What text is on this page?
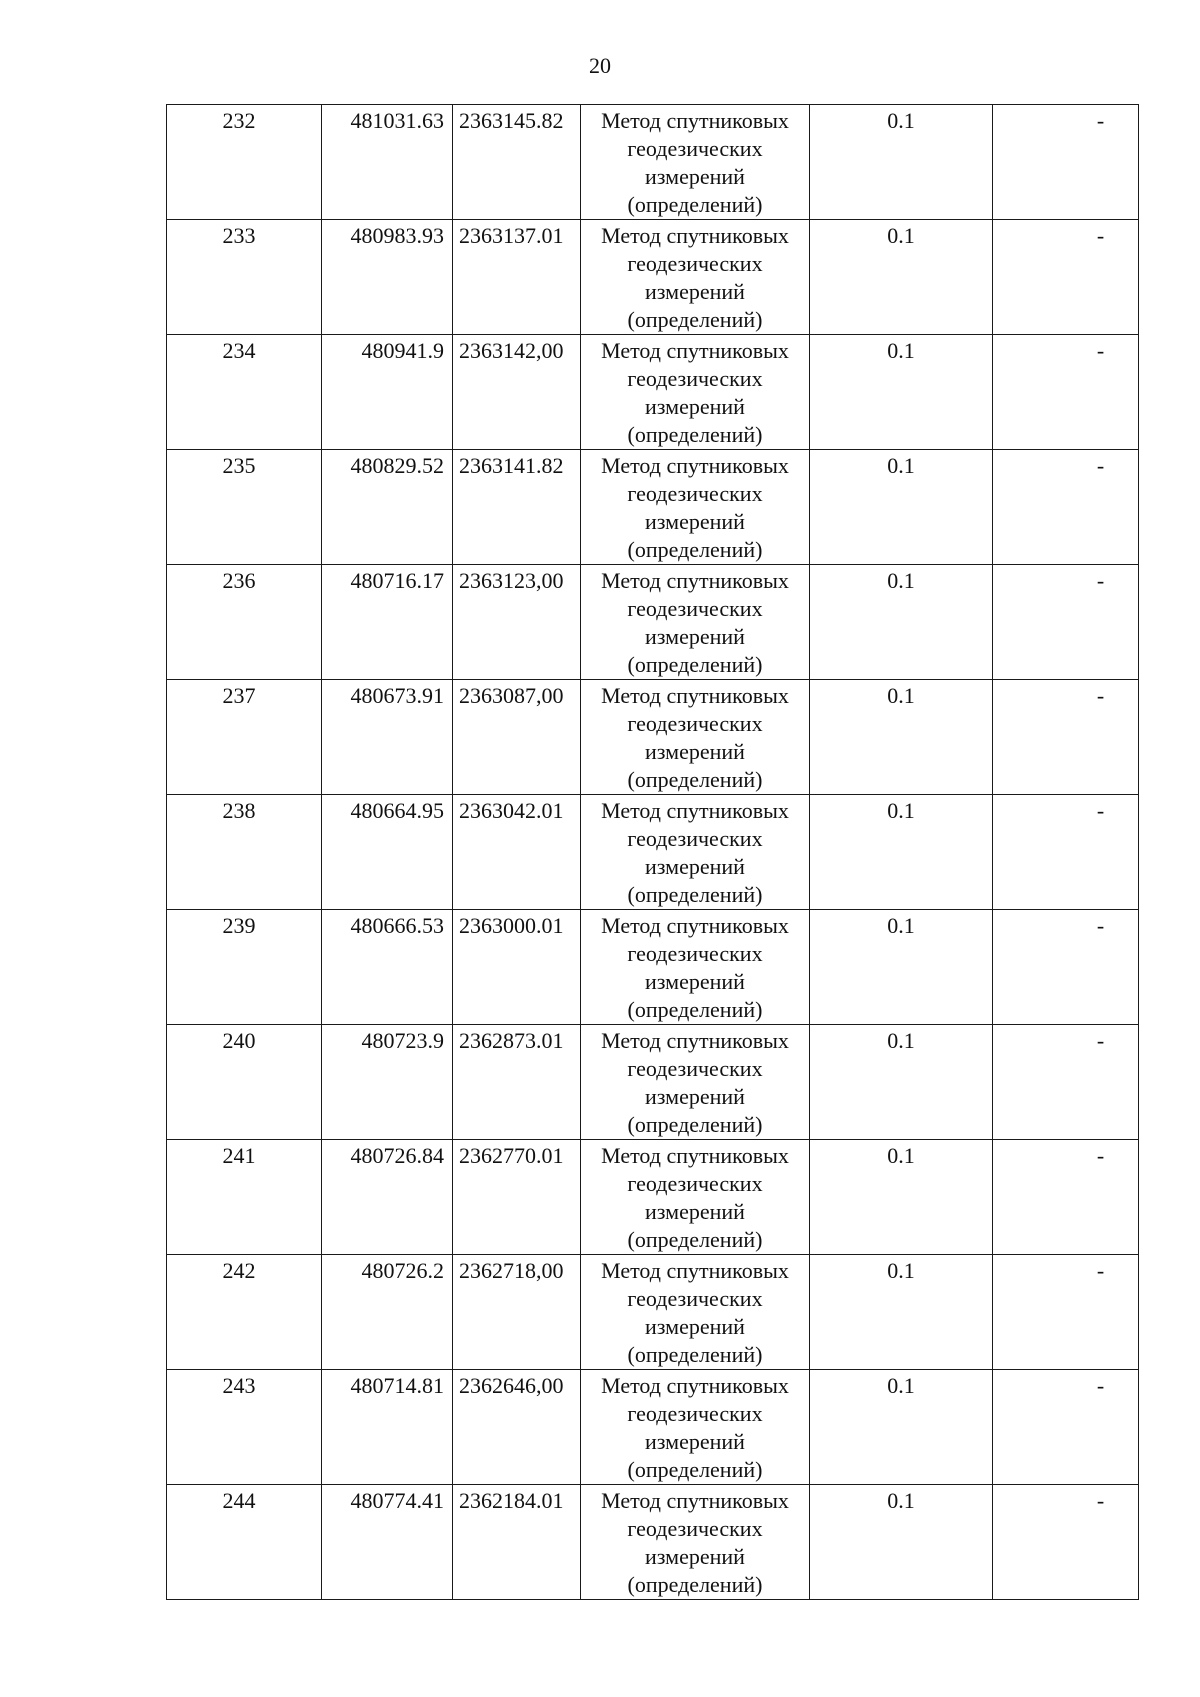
20
232	481031.63	2363145.82	Метод спутниковых
геодезических
измерений
(определений)	0.1	-

233	480983.93	2363137.01	Метод спутниковых
геодезических
измерений
(определений)	0.1	-

234	480941.9	2363142,00	Метод спутниковых
геодезических
измерений
(определений)	0.1	-

235	480829.52	2363141.82	Метод спутниковых
геодезических
измерений
(определений)	0.1	-

236	480716.17	2363123,00	Метод спутниковых
геодезических
измерений
(определений)	0.1	-

237	480673.91	2363087,00	Метод спутниковых
геодезических
измерений
(определений)	0.1	-

238	480664.95	2363042.01	Метод спутниковых
геодезических
измерений
(определений)	0.1	-

239	480666.53	2363000.01	Метод спутниковых
геодезических
измерений
(определений)	0.1	-

240	480723.9	2362873.01	Метод спутниковых
геодезических
измерений
(определений)	0.1	-

241	480726.84	2362770.01	Метод спутниковых
геодезических
измерений
(определений)	0.1	-

242	480726.2	2362718,00	Метод спутниковых
геодезических
измерений
(определений)	0.1	-

243	480714.81	2362646,00	Метод спутниковых
геодезических
измерений
(определений)	0.1	-

244	480774.41	2362184.01	Метод спутниковых
геодезических
измерений
(определений)	0.1	-
